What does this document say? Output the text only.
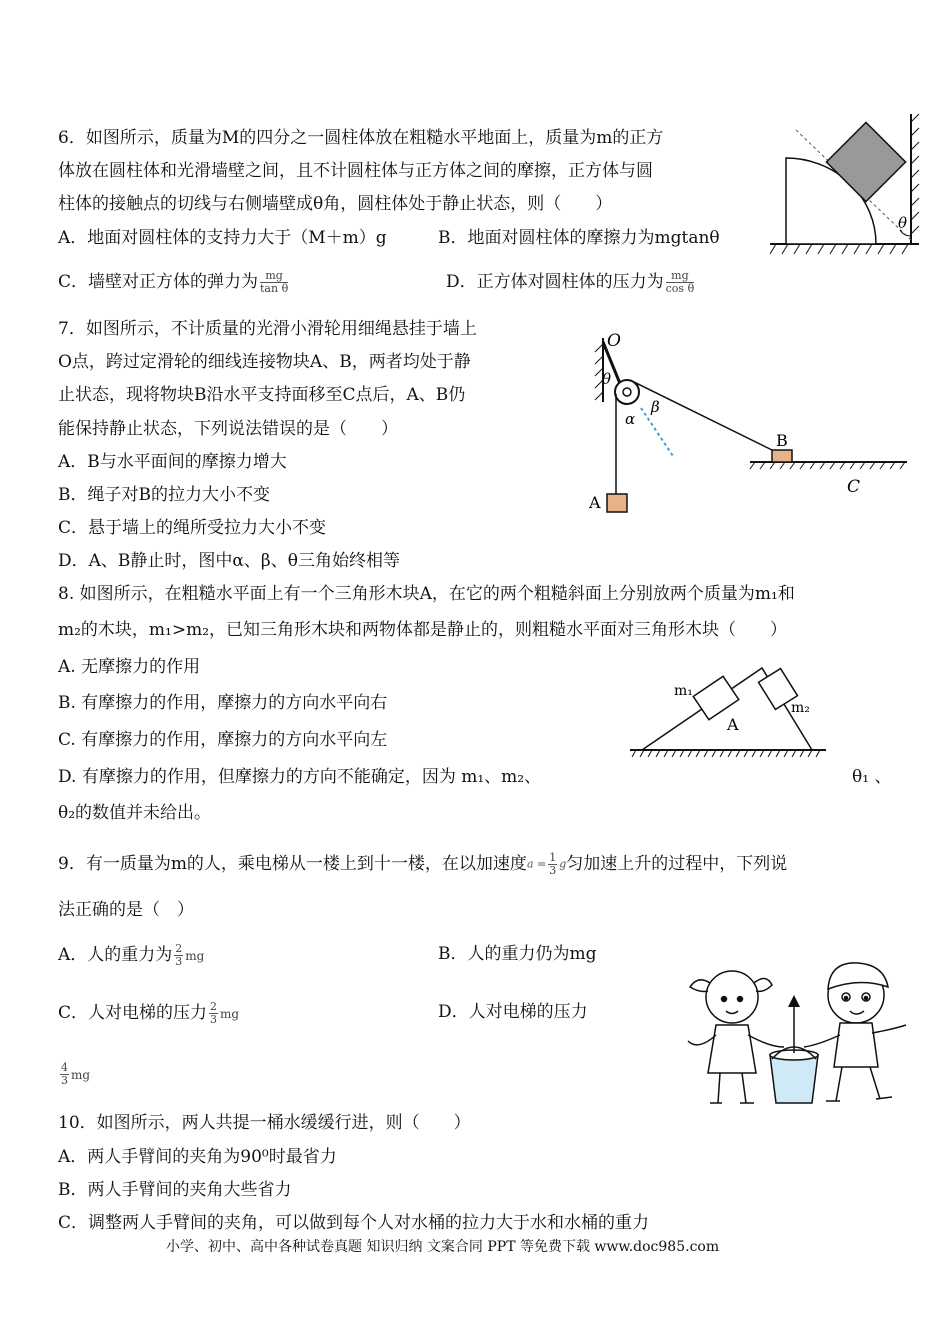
6．如图所示，质量为M的四分之一圆柱体放在粗糙水平地面上，质量为m的正方
体放在圆柱体和光滑墙壁之间，且不计圆柱体与正方体之间的摩擦，正方体与圆
柱体的接触点的切线与右侧墙壁成θ角，圆柱体处于静止状态，则（　　）
A．地面对圆柱体的支持力大于（M＋m）g	B．地面对圆柱体的摩擦力为mgtanθ
C．墙壁对正方体的弹力为 $\frac{mg}{\text{tan θ}}$	D．正方体对圆柱体的压力为 $\frac{mg}{\text{cos θ}}$
θ
7．如图所示，不计质量的光滑小滑轮用细绳悬挂于墙上
O点，跨过定滑轮的细线连接物块A、B，两者均处于静
止状态，现将物块B沿水平支持面移至C点后，A、B仍
能保持静止状态，下列说法错误的是（　　）
A．B与水平面间的摩擦力增大
B．绳子对B的拉力大小不变
C．悬于墙上的绳所受拉力大小不变
D．A、B静止时，图中α、β、θ三角始终相等
O
θ
α
β
A
B
C
8. 如图所示，在粗糙水平面上有一个三角形木块A，在它的两个粗糙斜面上分别放两个质量为m₁和
m₂的木块，m₁>m₂，已知三角形木块和两物体都是静止的，则粗糙水平面对三角形木块（　　）
A. 无摩擦力的作用
B. 有摩擦力的作用，摩擦力的方向水平向右
C. 有摩擦力的作用，摩擦力的方向水平向左
D. 有摩擦力的作用，但摩擦力的方向不能确定，因为 m₁、m₂、	θ₁ 、
θ₂的数值并未给出。
A
m₁
m₂
9．有一质量为m的人，乘电梯从一楼上到十一楼，在以加速度$a = \frac{1}{3}$ g匀加速上升的过程中，下列说
法正确的是（　）
A．人的重力为 $\frac{2}{3}$ mg	B．人的重力仍为mg
C．人对电梯的压力 $\frac{2}{3}$ mg	D．人对电梯的压力
$\frac{4}{3}$ mg
10．如图所示，两人共提一桶水缓缓行进，则（　　）
A．两人手臂间的夹角为90⁰时最省力
B．两人手臂间的夹角大些省力
C．调整两人手臂间的夹角，可以做到每个人对水桶的拉力大于水和水桶的重力
小学、初中、高中各种试卷真题 知识归纳 文案合同 PPT 等免费下载 www.doc985.com
